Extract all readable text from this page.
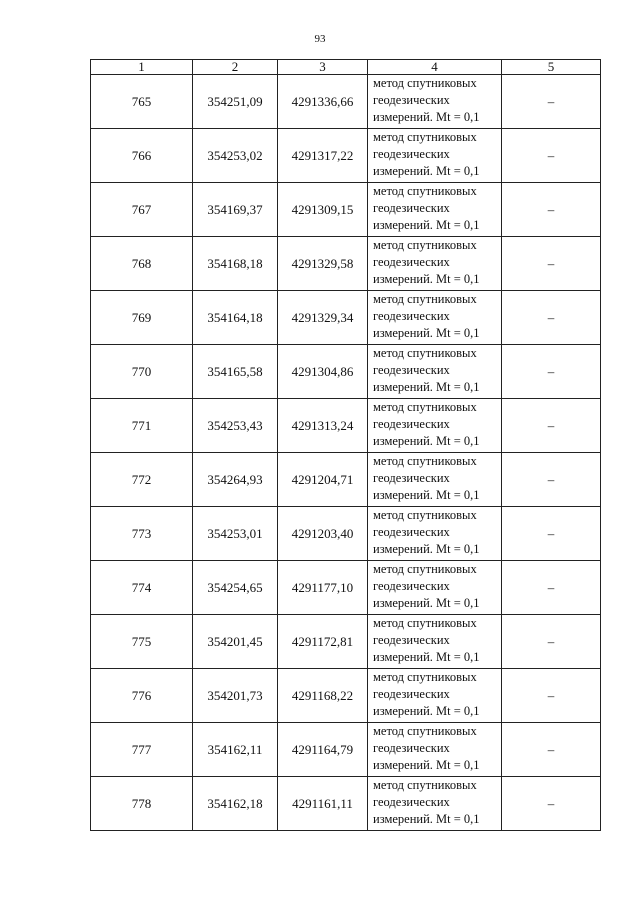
93
1	2	3	4	5
765	354251,09	4291336,66	метод спутниковых
геодезических
измерений. Mt = 0,1	–
766	354253,02	4291317,22	метод спутниковых
геодезических
измерений. Mt = 0,1	–
767	354169,37	4291309,15	метод спутниковых
геодезических
измерений. Mt = 0,1	–
768	354168,18	4291329,58	метод спутниковых
геодезических
измерений. Mt = 0,1	–
769	354164,18	4291329,34	метод спутниковых
геодезических
измерений. Mt = 0,1	–
770	354165,58	4291304,86	метод спутниковых
геодезических
измерений. Mt = 0,1	–
771	354253,43	4291313,24	метод спутниковых
геодезических
измерений. Mt = 0,1	–
772	354264,93	4291204,71	метод спутниковых
геодезических
измерений. Mt = 0,1	–
773	354253,01	4291203,40	метод спутниковых
геодезических
измерений. Mt = 0,1	–
774	354254,65	4291177,10	метод спутниковых
геодезических
измерений. Mt = 0,1	–
775	354201,45	4291172,81	метод спутниковых
геодезических
измерений. Mt = 0,1	–
776	354201,73	4291168,22	метод спутниковых
геодезических
измерений. Mt = 0,1	–
777	354162,11	4291164,79	метод спутниковых
геодезических
измерений. Mt = 0,1	–
778	354162,18	4291161,11	метод спутниковых
геодезических
измерений. Mt = 0,1	–
